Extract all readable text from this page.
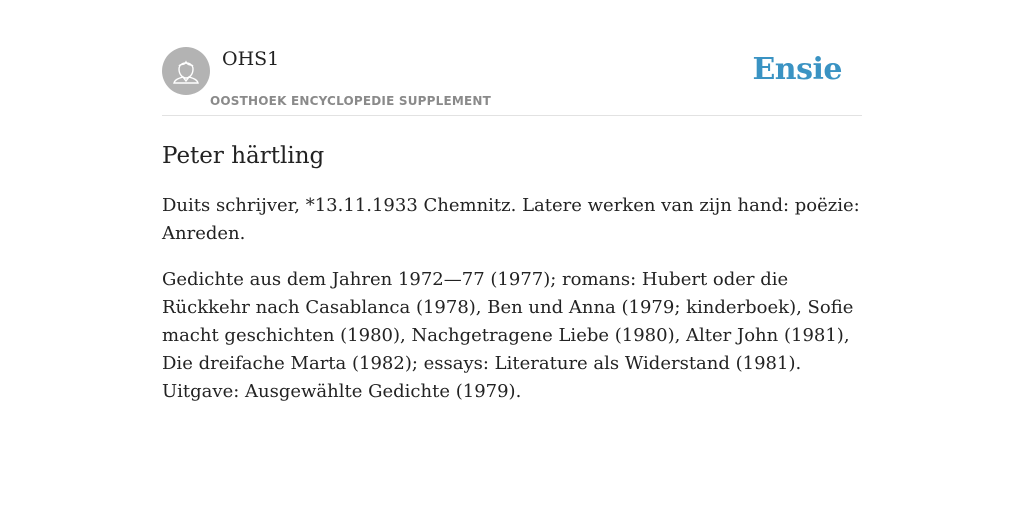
OHS1
OOSTHOEK ENCYCLOPEDIE SUPPLEMENT
Ensie
Peter härtling

Duits schrijver, *13.11.1933 Chemnitz. Latere werken van zijn hand: poëzie: Anreden.

Gedichte aus dem Jahren 1972—77 (1977); romans: Hubert oder die Rückkehr nach Casablanca (1978), Ben und Anna (1979; kinderboek), Sofie macht geschichten (1980), Nachgetragene Liebe (1980), Alter John (1981), Die dreifache Marta (1982); essays: Literature als Widerstand (1981). Uitgave: Ausgewählte Gedichte (1979).
